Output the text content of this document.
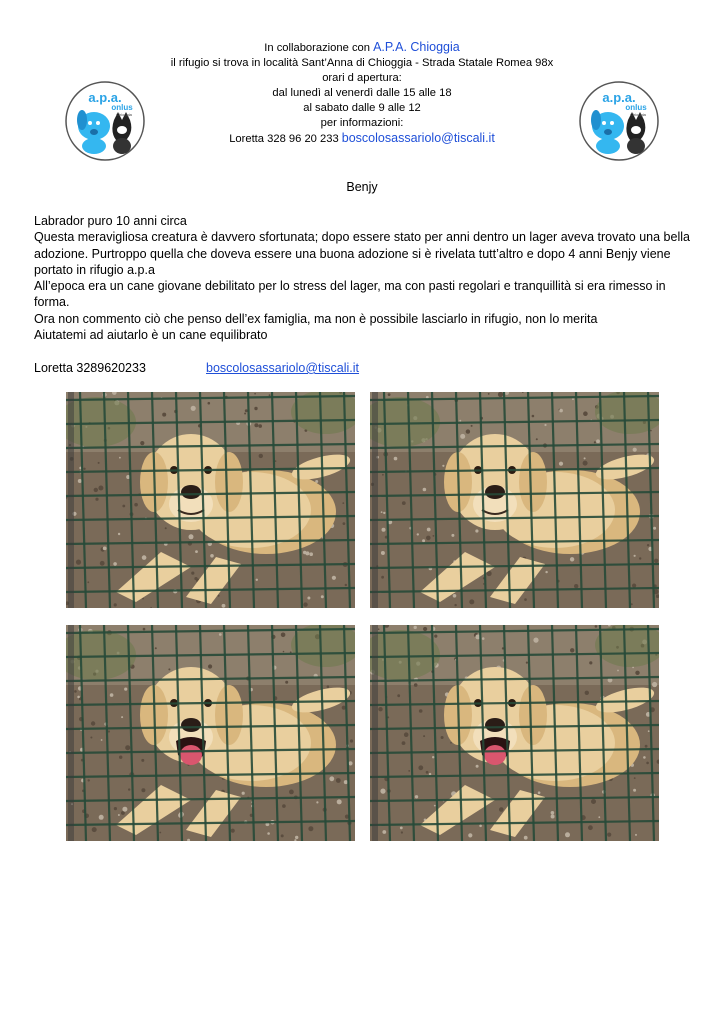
a.p.a.
onlus
Chioggia
a.p.a.
onlus
Chioggia
In collaborazione con A.P.A. Chioggia
il rifugio si trova in località Sant’Anna di Chioggia - Strada Statale Romea 98x
orari d apertura:
dal lunedì al venerdì dalle 15 alle 18
al sabato dalle 9 alle 12
per informazioni:
Loretta 328 96 20 233 boscolosassariolo@tiscali.it
Benjy

Labrador puro 10 anni circa

Questa meravigliosa creatura è davvero sfortunata; dopo essere stato per anni dentro un lager aveva trovato una bella adozione. Purtroppo quella che doveva essere una buona adozione si è rivelata tutt’altro e dopo 4 anni Benjy viene portato in rifugio a.p.a

All’epoca era un cane giovane debilitato per lo stress del lager, ma con pasti regolari e tranquillità si era rimesso in forma.

Ora non commento ciò che penso dell’ex famiglia, ma non è possibile lasciarlo in rifugio, non lo merita

Aiutatemi ad aiutarlo è un cane equilibrato

Loretta 3289620233	boscolosassariolo@tiscali.it
